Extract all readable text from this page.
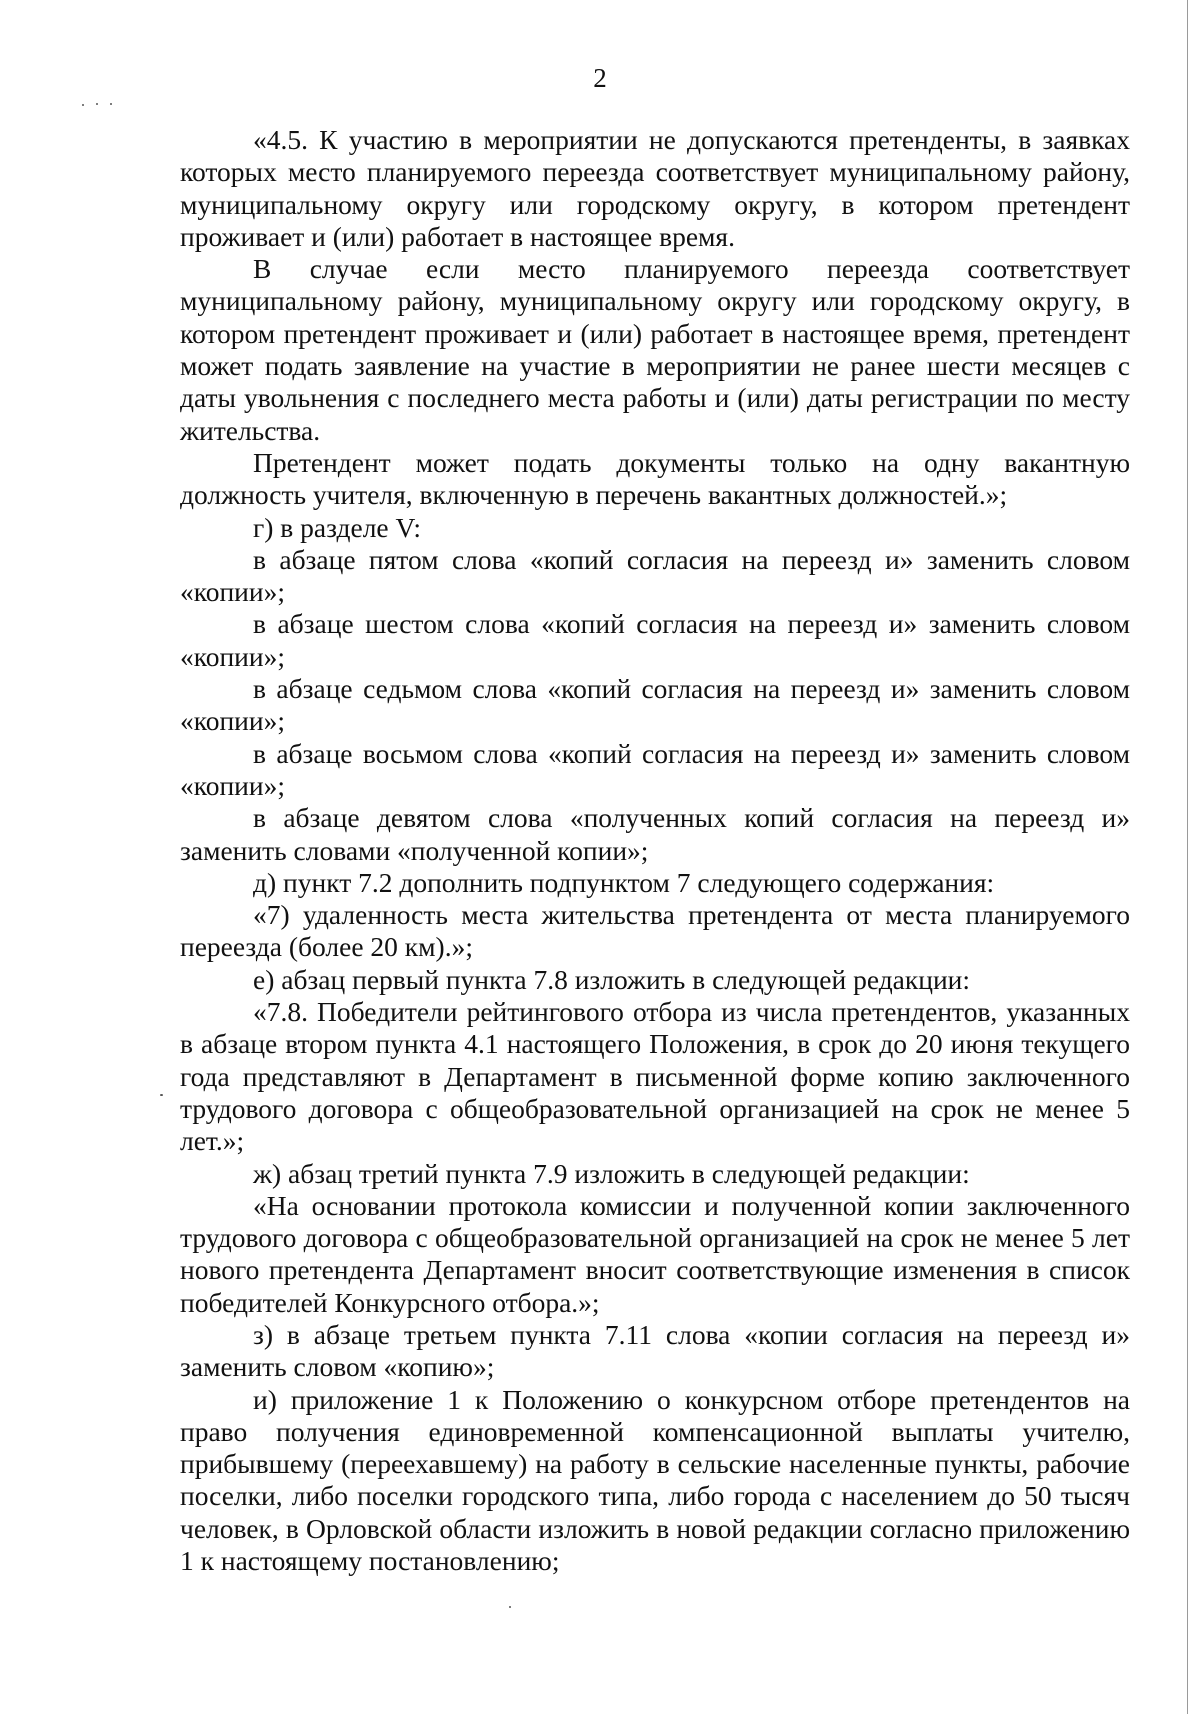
2

«4.5. К участию в мероприятии не допускаются претенденты, в заявках которых место планируемого переезда соответствует муниципальному району, муниципальному округу или городскому округу, в котором претендент проживает и (или) работает в настоящее время.

В случае если место планируемого переезда соответствует муниципальному району, муниципальному округу или городскому округу, в котором претендент проживает и (или) работает в настоящее время, претендент может подать заявление на участие в мероприятии не ранее шести месяцев с даты увольнения с последнего места работы и (или) даты регистрации по месту жительства.

Претендент может подать документы только на одну вакантную должность учителя, включенную в перечень вакантных должностей.»;

г) в разделе V:

в абзаце пятом слова «копий согласия на переезд и» заменить словом «копии»;

в абзаце шестом слова «копий согласия на переезд и» заменить словом «копии»;

в абзаце седьмом слова «копий согласия на переезд и» заменить словом «копии»;

в абзаце восьмом слова «копий согласия на переезд и» заменить словом «копии»;

в абзаце девятом слова «полученных копий согласия на переезд и» заменить словами «полученной копии»;

д) пункт 7.2 дополнить подпунктом 7 следующего содержания:

«7) удаленность места жительства претендента от места планируемого переезда (более 20 км).»;

е) абзац первый пункта 7.8 изложить в следующей редакции:

«7.8. Победители рейтингового отбора из числа претендентов, указанных в абзаце втором пункта 4.1 настоящего Положения, в срок до 20 июня текущего года представляют в Департамент в письменной форме копию заключенного трудового договора с общеобразовательной организацией на срок не менее 5 лет.»;

ж) абзац третий пункта 7.9 изложить в следующей редакции:

«На основании протокола комиссии и полученной копии заключенного трудового договора с общеобразовательной организацией на срок не менее 5 лет нового претендента Департамент вносит соответствующие изменения в список победителей Конкурсного отбора.»;

з) в абзаце третьем пункта 7.11 слова «копии согласия на переезд и» заменить словом «копию»;

и) приложение 1 к Положению о конкурсном отборе претендентов на право получения единовременной компенсационной выплаты учителю, прибывшему (переехавшему) на работу в сельские населенные пункты, рабочие поселки, либо поселки городского типа, либо города с населением до 50 тысяч человек, в Орловской области изложить в новой редакции согласно приложению 1 к настоящему постановлению;
